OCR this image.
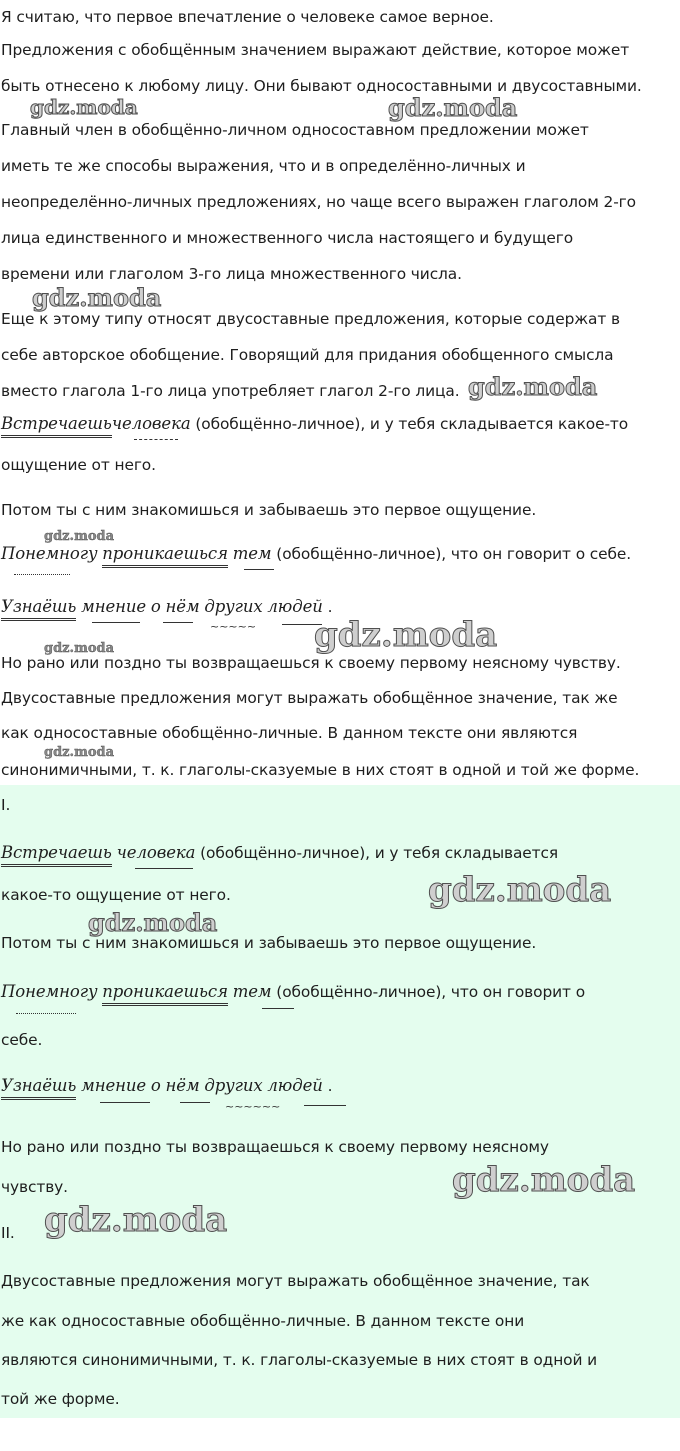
Я считаю, что первое впечатление о человеке самое верное.
Предложения с обобщённым значением выражают действие, которое может
быть отнесено к любому лицу. Они бывают односоставными и двусоставными.
Главный член в обобщённо-личном односоставном предложении может
иметь те же способы выражения, что и в определённо-личных и
неопределённо-личных предложениях, но чаще всего выражен глаголом 2-го
лица единственного и множественного числа настоящего и будущего
времени или глаголом 3-го лица множественного числа.
Еще к этому типу относят двусоставные предложения, которые содержат в
себе авторское обобщение. Говорящий для придания обобщенного смысла
вместо глагола 1-го лица употребляет глагол 2-го лица.
Встречаешьчеловека (обобщённо-личное), и у тебя складывается какое-то
ощущение от него.
Потом ты с ним знакомишься и забываешь это первое ощущение.
Понемногу проникаешься тем (обобщённо-личное), что он говорит о себе.
Узнаёшь мнение о нём других людей .
~~~~~
Но рано или поздно ты возвращаешься к своему первому неясному чувству.
Двусоставные предложения могут выражать обобщённое значение, так же
как односоставные обобщённо-личные. В данном тексте они являются
синонимичными, т. к. глаголы-сказуемые в них стоят в одной и той же форме.
I.
Встречаешь человека (обобщённо-личное), и у тебя складывается
какое-то ощущение от него.
Потом ты с ним знакомишься и забываешь это первое ощущение.
Понемногу проникаешься тем (обобщённо-личное), что он говорит о
себе.
Узнаёшь мнение о нём других людей .
Но рано или поздно ты возвращаешься к своему первому неясному
чувству.
II.
Двусоставные предложения могут выражать обобщённое значение, так
же как односоставные обобщённо-личные. В данном тексте они
являются синонимичными, т. к. глаголы-сказуемые в них стоят в одной и
той же форме.
gdz.moda	gdz.moda
gdz.moda
gdz.moda
gdz.moda
gdz.moda
gdz.moda
gdz.moda
gdz.moda
gdz.moda
gdz.moda
gdz.moda
